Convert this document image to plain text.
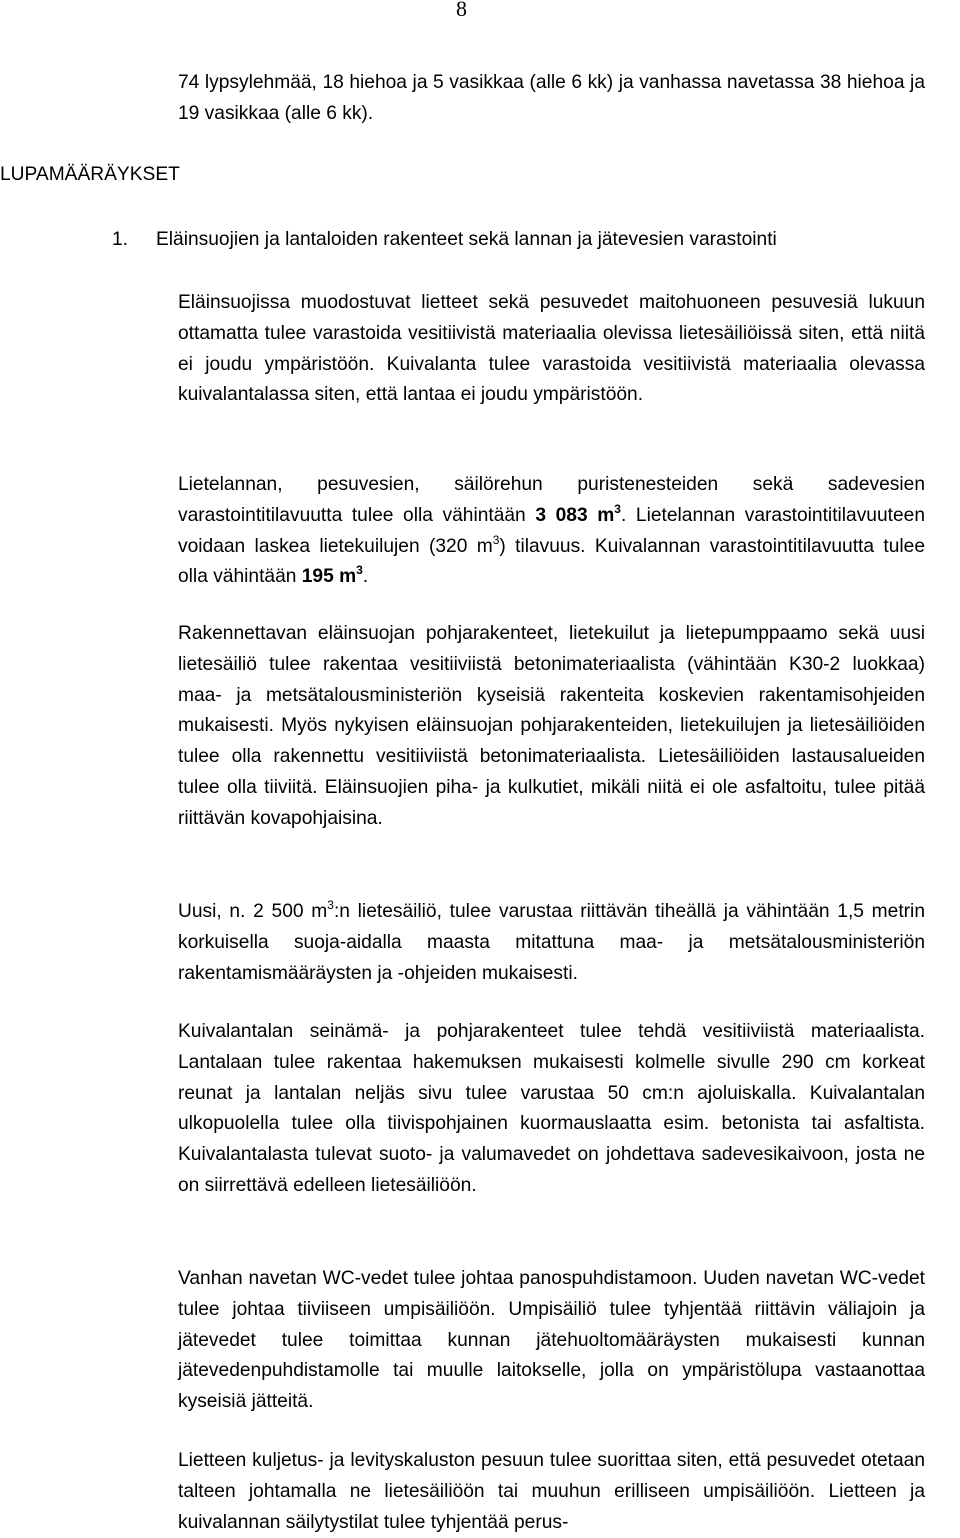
8

74 lypsylehmää, 18 hiehoa ja 5 vasikkaa (alle 6 kk) ja vanhassa navetassa 38 hiehoa ja 19 vasikkaa (alle 6 kk).

LUPAMÄÄRÄYKSET
1. Eläinsuojien ja lantaloiden rakenteet sekä lannan ja jätevesien varastointi

Eläinsuojissa muodostuvat lietteet sekä pesuvedet maitohuoneen pesuvesiä lukuun ottamatta tulee varastoida vesitiivistä materiaalia olevissa lietesäiliöissä siten, että niitä ei joudu ympäristöön. Kuivalanta tulee varastoida vesitiivistä materiaalia olevassa kuivalantalassa siten, että lantaa ei joudu ympäristöön.

Lietelannan, pesuvesien, säilörehun puristenesteiden sekä sadevesien varastointitilavuutta tulee olla vähintään 3 083 $m^3$. Lietelannan varastointitilavuuteen voidaan laskea lietekuilujen (320 $m^3$) tilavuus. Kuivalannan varastointitilavuutta tulee olla vähintään 195 $m^3$.

Rakennettavan eläinsuojan pohjarakenteet, lietekuilut ja lietepumppaamo sekä uusi lietesäiliö tulee rakentaa vesitiiviistä betonimateriaalista (vähintään K30-2 luokkaa) maa- ja metsätalousministeriön kyseisiä rakenteita koskevien rakentamisohjeiden mukaisesti. Myös nykyisen eläinsuojan pohjarakenteiden, lietekuilujen ja lietesäiliöiden tulee olla rakennettu vesitiiviistä betonimateriaalista. Lietesäiliöiden lastausalueiden tulee olla tiiviitä. Eläinsuojien piha- ja kulkutiet, mikäli niitä ei ole asfaltoitu, tulee pitää riittävän kovapohjaisina.

Uusi, n. 2 500 $m^3:n$ lietesäiliö, tulee varustaa riittävän tiheällä ja vähintään 1,5 metrin korkuisella suoja-aidalla maasta mitattuna maa- ja metsätalousministeriön rakentamismääräysten ja -ohjeiden mukaisesti.

Kuivalantalan seinämä- ja pohjarakenteet tulee tehdä vesitiiviistä materiaalista. Lantalaan tulee rakentaa hakemuksen mukaisesti kolmelle sivulle 290 cm korkeat reunat ja lantalan neljäs sivu tulee varustaa 50 cm:n ajoluiskalla. Kuivalantalan ulkopuolella tulee olla tiivispohjainen kuormauslaatta esim. betonista tai asfaltista. Kuivalantalasta tulevat suoto- ja valumavedet on johdettava sadevesikaivoon, josta ne on siirrettävä edelleen lietesäiliöön.

Vanhan navetan WC-vedet tulee johtaa panospuhdistamoon. Uuden navetan WC-vedet tulee johtaa tiiviiseen umpisäiliöön. Umpisäiliö tulee tyhjentää riittävin väliajoin ja jätevedet tulee toimittaa kunnan jätehuoltomääräysten mukaisesti kunnan jätevedenpuhdistamolle tai muulle laitokselle, jolla on ympäristölupa vastaanottaa kyseisiä jätteitä.

Lietteen kuljetus- ja levityskaluston pesuun tulee suorittaa siten, että pesuvedet otetaan talteen johtamalla ne lietesäiliöön tai muuhun erilliseen umpisäiliöön. Lietteen ja kuivalannan säilytystilat tulee tyhjentää perus-
